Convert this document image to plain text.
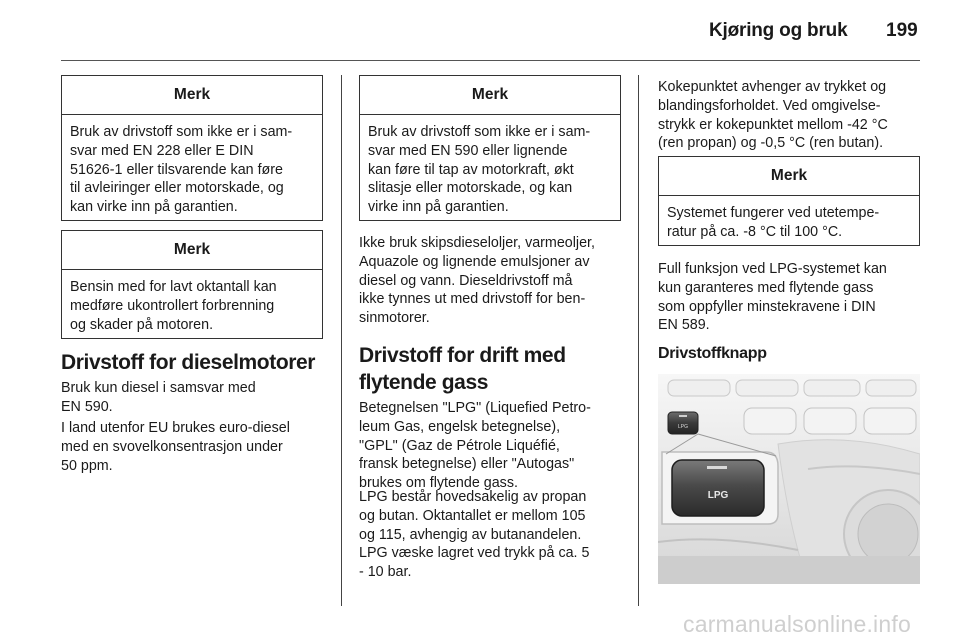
Kjøring og bruk 199
Merk
Bruk av drivstoff som ikke er i sam-
svar med EN 228 eller E DIN
51626-1 eller tilsvarende kan føre
til avleiringer eller motorskade, og
kan virke inn på garantien.
Merk
Bensin med for lavt oktantall kan
medføre ukontrollert forbrenning
og skader på motoren.
Drivstoff for dieselmotorer
Bruk kun diesel i samsvar med
EN 590.
I land utenfor EU brukes euro-diesel
med en svovelkonsentrasjon under
50 ppm.
Merk
Bruk av drivstoff som ikke er i sam-
svar med EN 590 eller lignende
kan føre til tap av motorkraft, økt
slitasje eller motorskade, og kan
virke inn på garantien.
Ikke bruk skipsdieseloljer, varmeoljer,
Aquazole og lignende emulsjoner av
diesel og vann. Dieseldrivstoff må
ikke tynnes ut med drivstoff for ben-
sinmotorer.
Drivstoff for drift med
flytende gass
Betegnelsen "LPG" (Liquefied Petro-
leum Gas, engelsk betegnelse),
"GPL" (Gaz de Pétrole Liquéfié,
fransk betegnelse) eller "Autogas"
brukes om flytende gass.
LPG består hovedsakelig av propan
og butan. Oktantallet er mellom 105
og 115, avhengig av butanandelen.
LPG væske lagret ved trykk på ca. 5
- 10 bar.
Kokepunktet avhenger av trykket og
blandingsforholdet. Ved omgivelse-
strykk er kokepunktet mellom -42 °C
(ren propan) og -0,5 °C (ren butan).
Merk
Systemet fungerer ved utetempe-
ratur på ca. -8 °C til 100 °C.
Full funksjon ved LPG-systemet kan
kun garanteres med flytende gass
som oppfyller minstekravene i DIN
EN 589.
Drivstoffknapp
LPG
LPG
carmanualsonline.info
